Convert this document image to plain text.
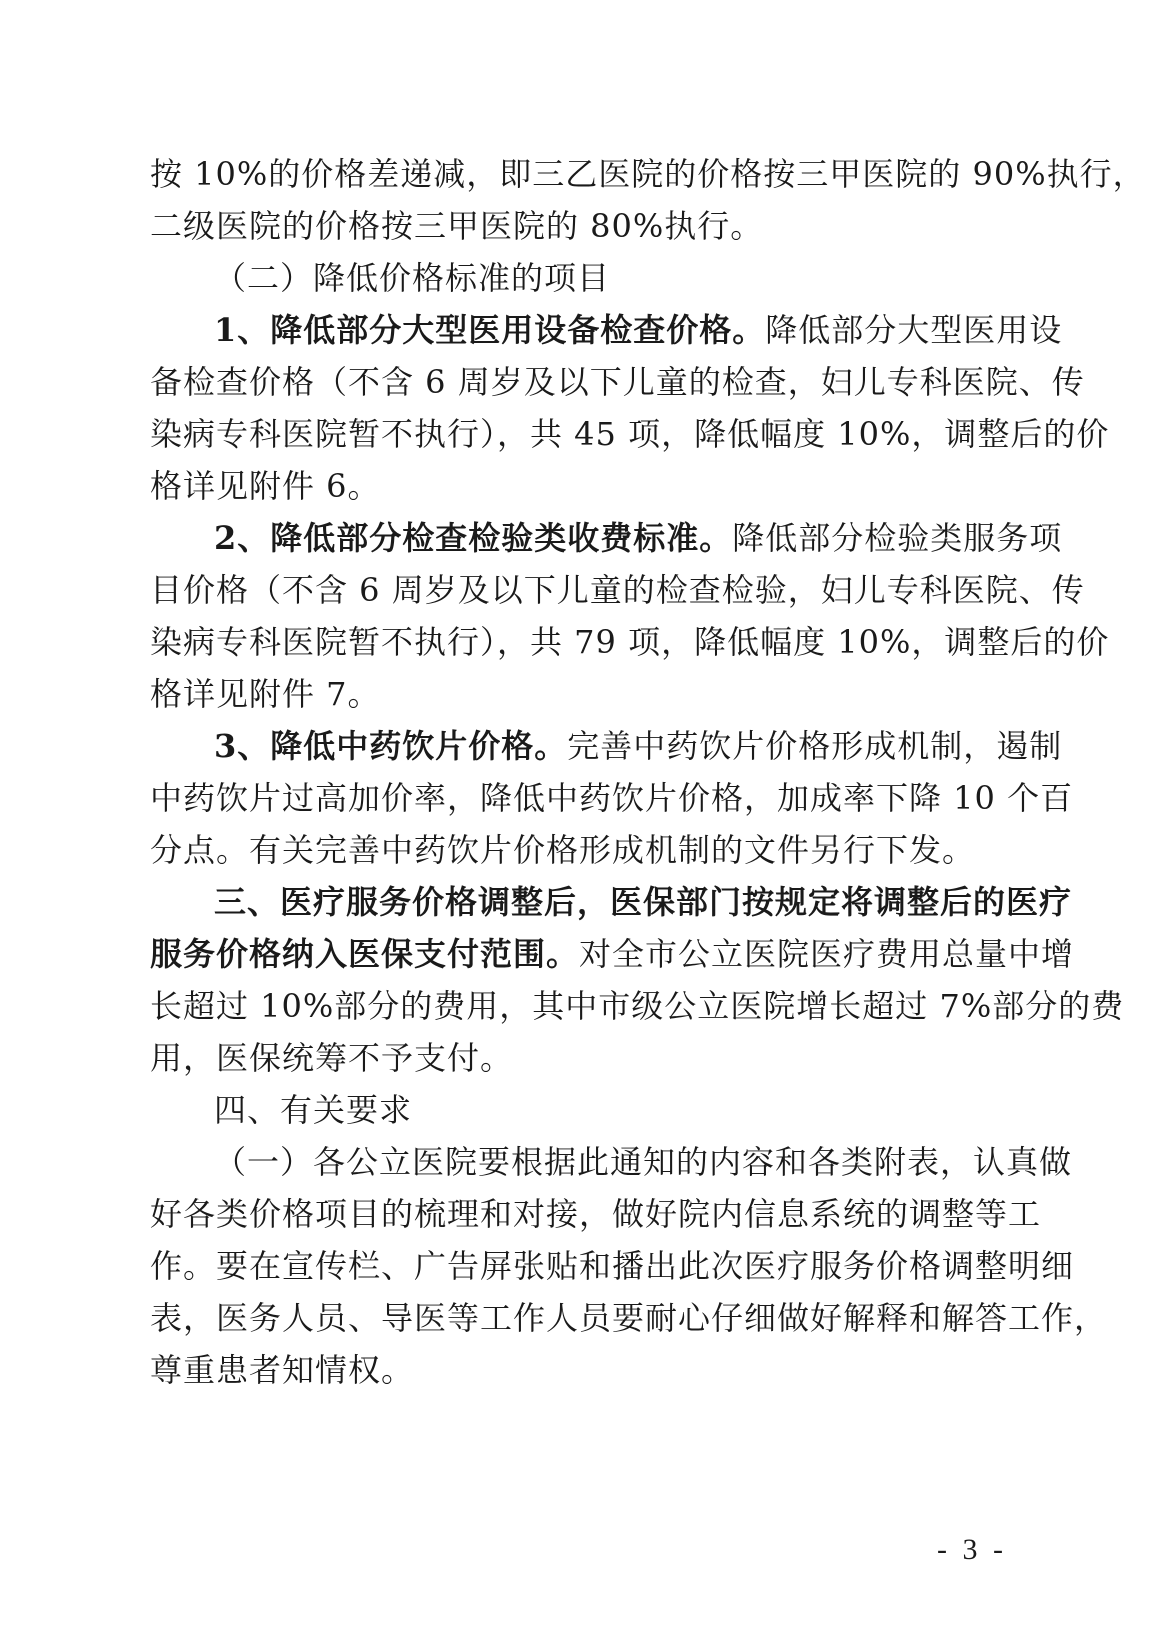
按 10%的价格差递减，即三乙医院的价格按三甲医院的 90%执行，
二级医院的价格按三甲医院的 80%执行。
（二）降低价格标准的项目
1、降低部分大型医用设备检查价格。降低部分大型医用设
备检查价格（不含 6 周岁及以下儿童的检查，妇儿专科医院、传
染病专科医院暂不执行），共 45 项，降低幅度 10%，调整后的价
格详见附件 6。
2、降低部分检查检验类收费标准。降低部分检验类服务项
目价格（不含 6 周岁及以下儿童的检查检验，妇儿专科医院、传
染病专科医院暂不执行），共 79 项，降低幅度 10%，调整后的价
格详见附件 7。
3、降低中药饮片价格。完善中药饮片价格形成机制，遏制
中药饮片过高加价率，降低中药饮片价格，加成率下降 10 个百
分点。有关完善中药饮片价格形成机制的文件另行下发。
三、医疗服务价格调整后，医保部门按规定将调整后的医疗
服务价格纳入医保支付范围。对全市公立医院医疗费用总量中增
长超过 10%部分的费用，其中市级公立医院增长超过 7%部分的费
用，医保统筹不予支付。
四、有关要求
（一）各公立医院要根据此通知的内容和各类附表，认真做
好各类价格项目的梳理和对接，做好院内信息系统的调整等工
作。要在宣传栏、广告屏张贴和播出此次医疗服务价格调整明细
表，医务人员、导医等工作人员要耐心仔细做好解释和解答工作，
尊重患者知情权。
- 3 -
